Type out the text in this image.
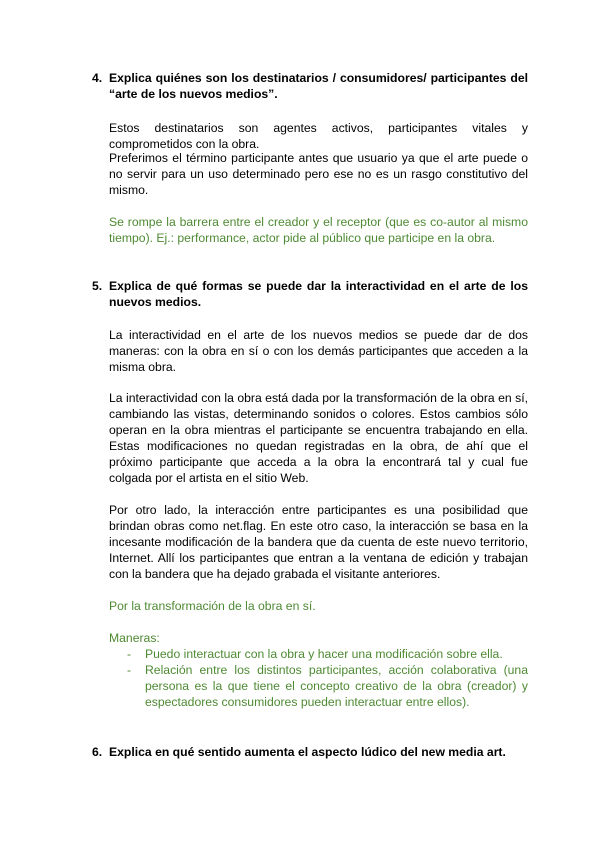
4. Explica quiénes son los destinatarios / consumidores/ participantes del “arte de los nuevos medios”.
Estos destinatarios son agentes activos, participantes vitales y comprometidos con la obra.
Preferimos el término participante antes que usuario ya que el arte puede o no servir para un uso determinado pero ese no es un rasgo constitutivo del mismo.
Se rompe la barrera entre el creador y el receptor (que es co-autor al mismo tiempo). Ej.: performance, actor pide al público que participe en la obra.
5. Explica de qué formas se puede dar la interactividad en el arte de los nuevos medios.
La interactividad en el arte de los nuevos medios se puede dar de dos maneras: con la obra en sí o con los demás participantes que acceden a la misma obra.
La interactividad con la obra está dada por la transformación de la obra en sí, cambiando las vistas, determinando sonidos o colores. Estos cambios sólo operan en la obra mientras el participante se encuentra trabajando en ella. Estas modificaciones no quedan registradas en la obra, de ahí que el próximo participante que acceda a la obra la encontrará tal y cual fue colgada por el artista en el sitio Web.
Por otro lado, la interacción entre participantes es una posibilidad que brindan obras como net.flag. En este otro caso, la interacción se basa en la incesante modificación de la bandera que da cuenta de este nuevo territorio, Internet. Allí los participantes que entran a la ventana de edición y trabajan con la bandera que ha dejado grabada el visitante anteriores.
Por la transformación de la obra en sí.
Maneras:
- Puedo interactuar con la obra y hacer una modificación sobre ella.
- Relación entre los distintos participantes, acción colaborativa (una persona es la que tiene el concepto creativo de la obra (creador) y espectadores consumidores pueden interactuar entre ellos).
6. Explica en qué sentido aumenta el aspecto lúdico del new media art.
